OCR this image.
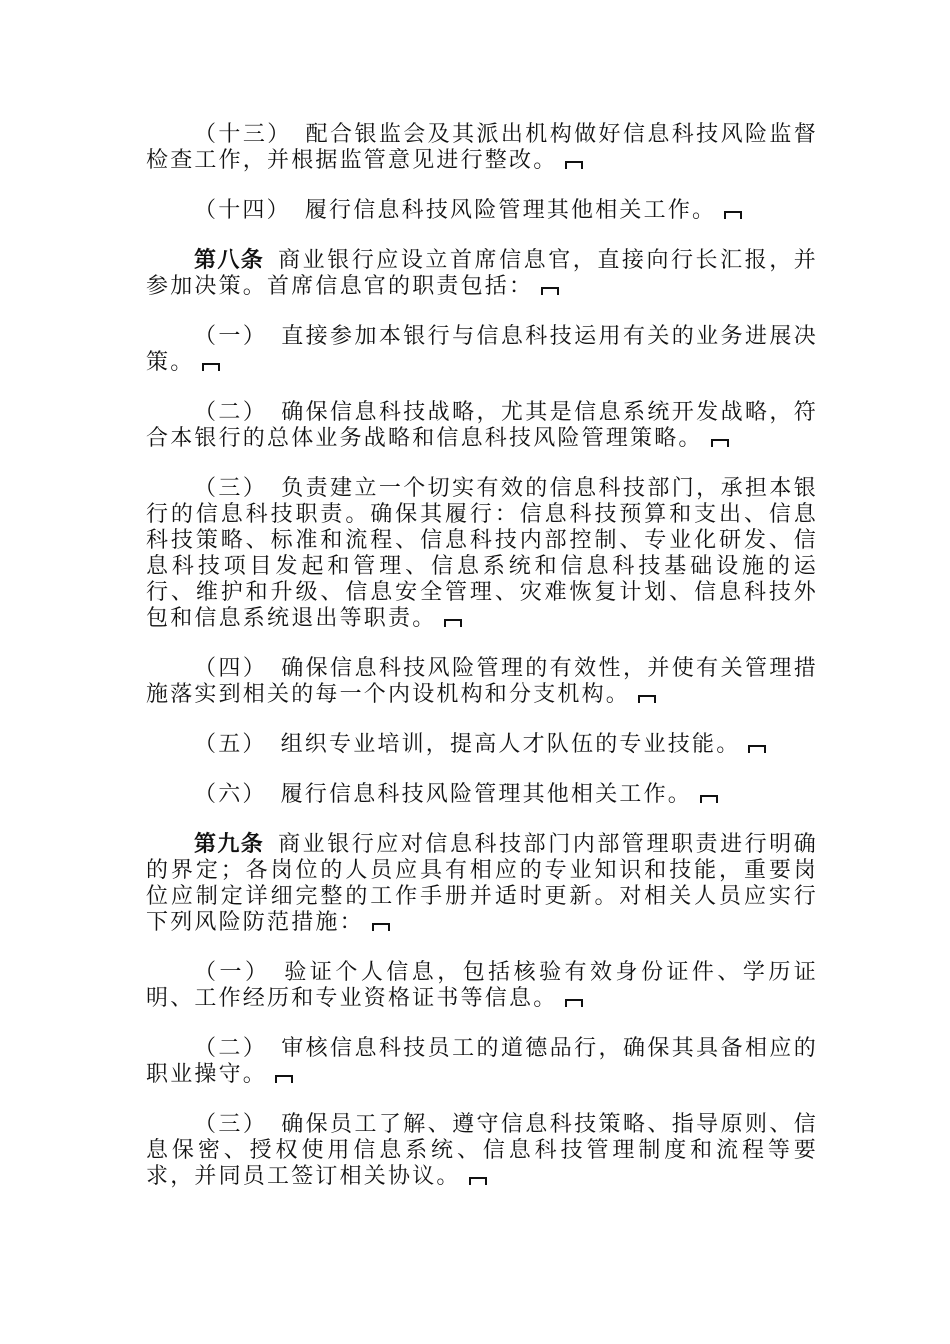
（十三） 配合银监会及其派出机构做好信息科技风险监督检查工作，并根据监管意见进行整改。

（十四） 履行信息科技风险管理其他相关工作。

第八条 商业银行应设立首席信息官，直接向行长汇报，并参加决策。首席信息官的职责包括：

（一） 直接参加本银行与信息科技运用有关的业务进展决策。

（二） 确保信息科技战略，尤其是信息系统开发战略，符合本银行的总体业务战略和信息科技风险管理策略。

（三） 负责建立一个切实有效的信息科技部门，承担本银行的信息科技职责。确保其履行：信息科技预算和支出、信息科技策略、标准和流程、信息科技内部控制、专业化研发、信息科技项目发起和管理、信息系统和信息科技基础设施的运行、维护和升级、信息安全管理、灾难恢复计划、信息科技外包和信息系统退出等职责。

（四） 确保信息科技风险管理的有效性，并使有关管理措施落实到相关的每一个内设机构和分支机构。

（五） 组织专业培训，提高人才队伍的专业技能。

（六） 履行信息科技风险管理其他相关工作。

第九条 商业银行应对信息科技部门内部管理职责进行明确的界定；各岗位的人员应具有相应的专业知识和技能，重要岗位应制定详细完整的工作手册并适时更新。对相关人员应实行下列风险防范措施：

（一） 验证个人信息，包括核验有效身份证件、学历证明、工作经历和专业资格证书等信息。

（二） 审核信息科技员工的道德品行，确保其具备相应的职业操守。

（三） 确保员工了解、遵守信息科技策略、指导原则、信息保密、授权使用信息系统、信息科技管理制度和流程等要求，并同员工签订相关协议。
